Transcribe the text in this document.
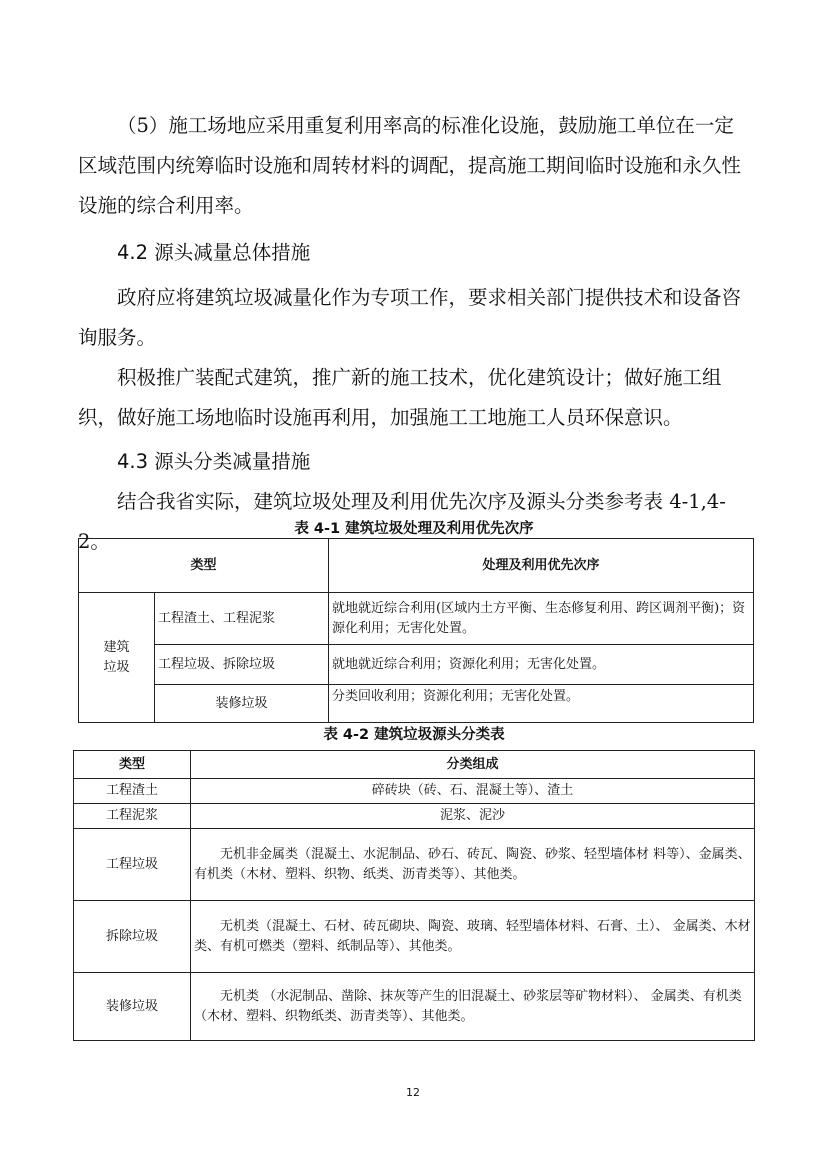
（5）施工场地应采用重复利用率高的标准化设施，鼓励施工单位在一定区域范围内统筹临时设施和周转材料的调配，提高施工期间临时设施和永久性设施的综合利用率。

4.2 源头减量总体措施

政府应将建筑垃圾减量化作为专项工作，要求相关部门提供技术和设备咨询服务。

积极推广装配式建筑，推广新的施工技术，优化建筑设计；做好施工组织，做好施工场地临时设施再利用，加强施工工地施工人员环保意识。

4.3 源头分类减量措施

结合我省实际，建筑垃圾处理及利用优先次序及源头分类参考表 4-1,4-2。

表 4-1 建筑垃圾处理及利用优先次序
类型		处理及利用优先次序
建筑
垃圾	工程渣土、工程泥浆	就地就近综合利用(区域内土方平衡、生态修复利用、跨区调剂平衡)；资源化利用；无害化处置。
	工程垃圾、拆除垃圾	就地就近综合利用；资源化利用；无害化处置。
	装修垃圾	分类回收利用；资源化利用；无害化处置。
表 4-2 建筑垃圾源头分类表
类型	分类组成
工程渣土	碎砖块（砖、石、混凝土等）、渣土
工程泥浆	泥浆、泥沙
工程垃圾	无机非金属类（混凝土、水泥制品、砂石、砖瓦、陶瓷、砂浆、轻型墙体材 料等）、金属类、有机类（木材、塑料、织物、纸类、沥青类等）、其他类。
拆除垃圾	无机类（混凝土、石材、砖瓦砌块、陶瓷、玻璃、轻型墙体材料、石膏、土）、 金属类、木材类、有机可燃类（塑料、纸制品等）、其他类。
装修垃圾	无机类 （水泥制品、凿除、抹灰等产生的旧混凝土、砂浆层等矿物材料）、 金属类、有机类（木材、塑料、织物纸类、沥青类等）、其他类。
12
